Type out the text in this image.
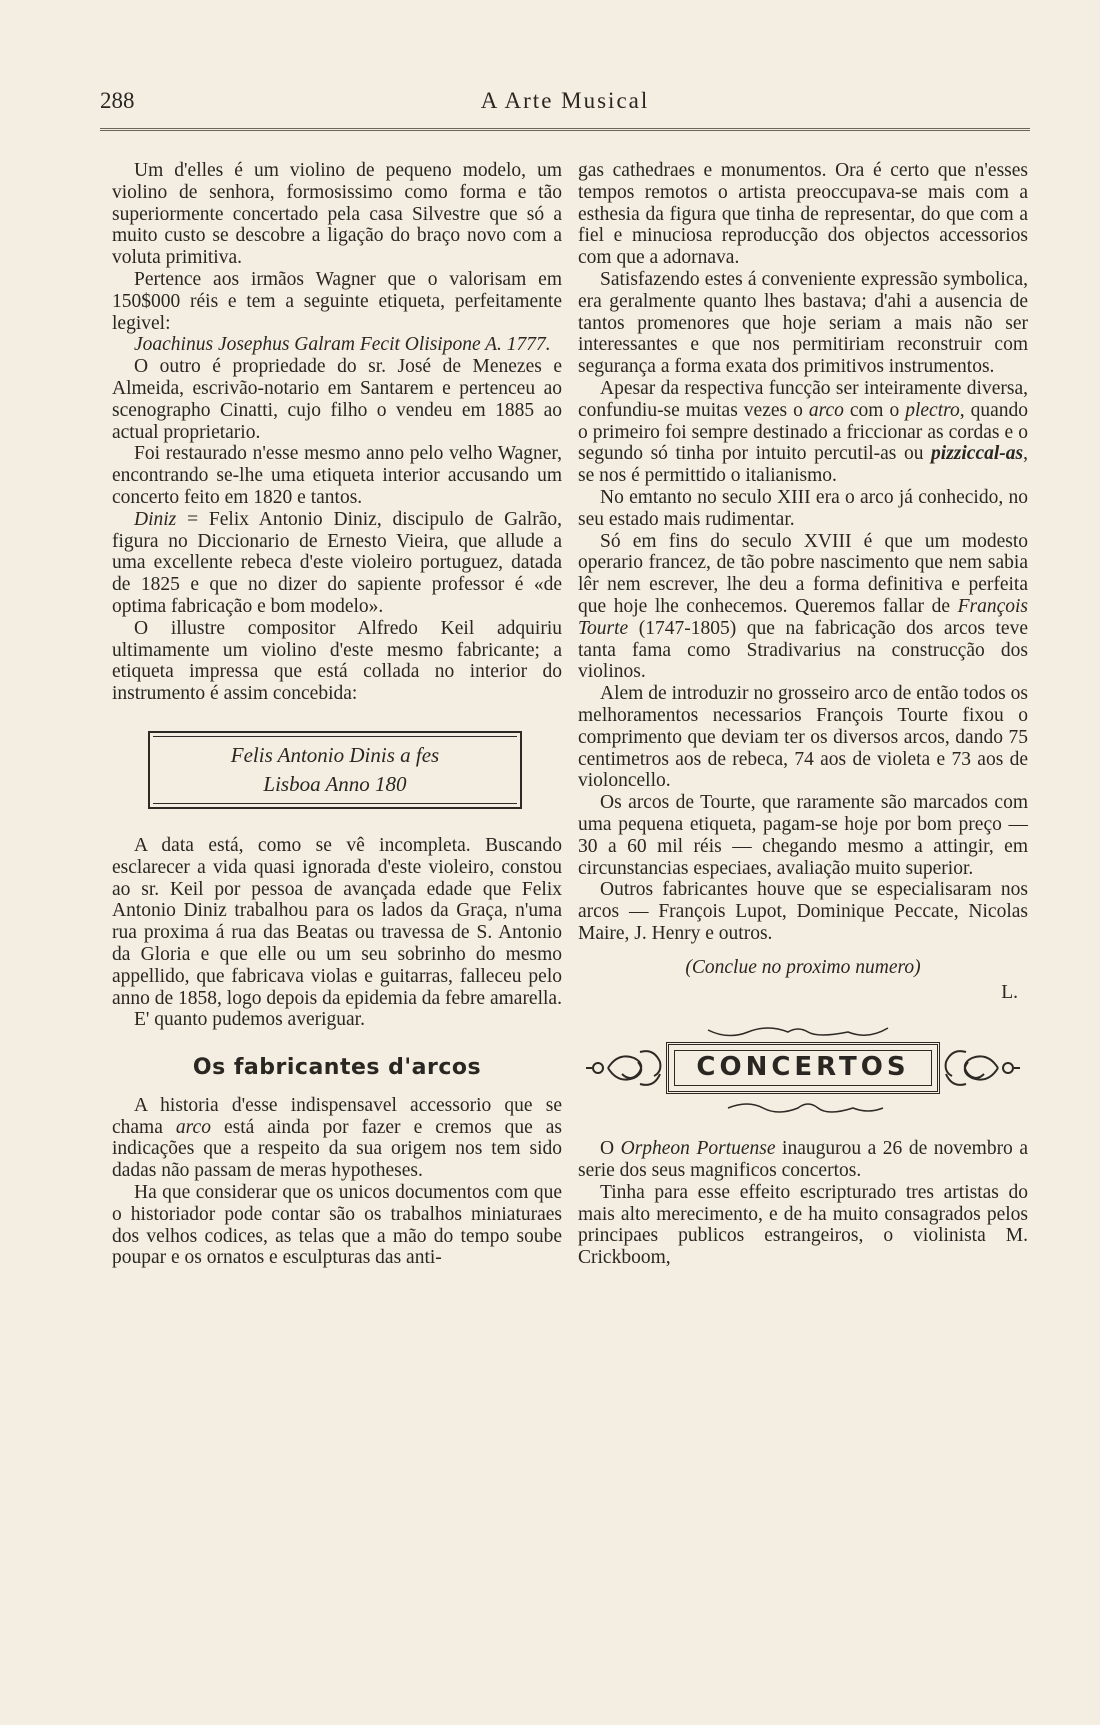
288	A Arte Musical

Um d'elles é um violino de pequeno modelo, um violino de senhora, formosissimo como forma e tão superiormente concertado pela casa Silvestre que só a muito custo se descobre a ligação do braço novo com a voluta primitiva.

Pertence aos irmãos Wagner que o valorisam em 150$000 réis e tem a seguinte etiqueta, perfeitamente legivel:

Joachinus Josephus Galram Fecit Olisipone A. 1777.

O outro é propriedade do sr. José de Menezes e Almeida, escrivão-notario em Santarem e pertenceu ao scenographo Cinatti, cujo filho o vendeu em 1885 ao actual proprietario.

Foi restaurado n'esse mesmo anno pelo velho Wagner, encontrando se-lhe uma etiqueta interior accusando um concerto feito em 1820 e tantos.

Diniz = Felix Antonio Diniz, discipulo de Galrão, figura no Diccionario de Ernesto Vieira, que allude a uma excellente rebeca d'este violeiro portuguez, datada de 1825 e que no dizer do sapiente professor é «de optima fabricação e bom modelo».

O illustre compositor Alfredo Keil adquiriu ultimamente um violino d'este mesmo fabricante; a etiqueta impressa que está collada no interior do instrumento é assim concebida:

Felis Antonio Dinis a fes
Lisboa Anno 180

A data está, como se vê incompleta. Buscando esclarecer a vida quasi ignorada d'este violeiro, constou ao sr. Keil por pessoa de avançada edade que Felix Antonio Diniz trabalhou para os lados da Graça, n'uma rua proxima á rua das Beatas ou travessa de S. Antonio da Gloria e que elle ou um seu sobrinho do mesmo appellido, que fabricava violas e guitarras, falleceu pelo anno de 1858, logo depois da epidemia da febre amarella.

E' quanto pudemos averiguar.

Os fabricantes d'arcos

A historia d'esse indispensavel accessorio que se chama arco está ainda por fazer e cremos que as indicações que a respeito da sua origem nos tem sido dadas não passam de meras hypotheses.

Ha que considerar que os unicos documentos com que o historiador pode contar são os trabalhos miniaturaes dos velhos codices, as telas que a mão do tempo soube poupar e os ornatos e esculpturas das anti-

gas cathedraes e monumentos. Ora é certo que n'esses tempos remotos o artista preoccupava-se mais com a esthesia da figura que tinha de representar, do que com a fiel e minuciosa reproducção dos objectos accessorios com que a adornava.

Satisfazendo estes á conveniente expressão symbolica, era geralmente quanto lhes bastava; d'ahi a ausencia de tantos promenores que hoje seriam a mais não ser interessantes e que nos permitiriam reconstruir com segurança a forma exata dos primitivos instrumentos.

Apesar da respectiva funcção ser inteiramente diversa, confundiu-se muitas vezes o arco com o plectro, quando o primeiro foi sempre destinado a friccionar as cordas e o segundo só tinha por intuito percutil-as ou pizziccal-as, se nos é permittido o italianismo.

No emtanto no seculo XIII era o arco já conhecido, no seu estado mais rudimentar.

Só em fins do seculo XVIII é que um modesto operario francez, de tão pobre nascimento que nem sabia lêr nem escrever, lhe deu a forma definitiva e perfeita que hoje lhe conhecemos. Queremos fallar de François Tourte (1747-1805) que na fabricação dos arcos teve tanta fama como Stradivarius na construcção dos violinos.

Alem de introduzir no grosseiro arco de então todos os melhoramentos necessarios François Tourte fixou o comprimento que deviam ter os diversos arcos, dando 75 centimetros aos de rebeca, 74 aos de violeta e 73 aos de violoncello.

Os arcos de Tourte, que raramente são marcados com uma pequena etiqueta, pagam-se hoje por bom preço — 30 a 60 mil réis — chegando mesmo a attingir, em circunstancias especiaes, avaliação muito superior.

Outros fabricantes houve que se especialisaram nos arcos — François Lupot, Dominique Peccate, Nicolas Maire, J. Henry e outros.

(Conclue no proximo numero)
L.
CONCERTOS

O Orpheon Portuense inaugurou a 26 de novembro a serie dos seus magnificos concertos.

Tinha para esse effeito escripturado tres artistas do mais alto merecimento, e de ha muito consagrados pelos principaes publicos estrangeiros, o violinista M. Crickboom,
